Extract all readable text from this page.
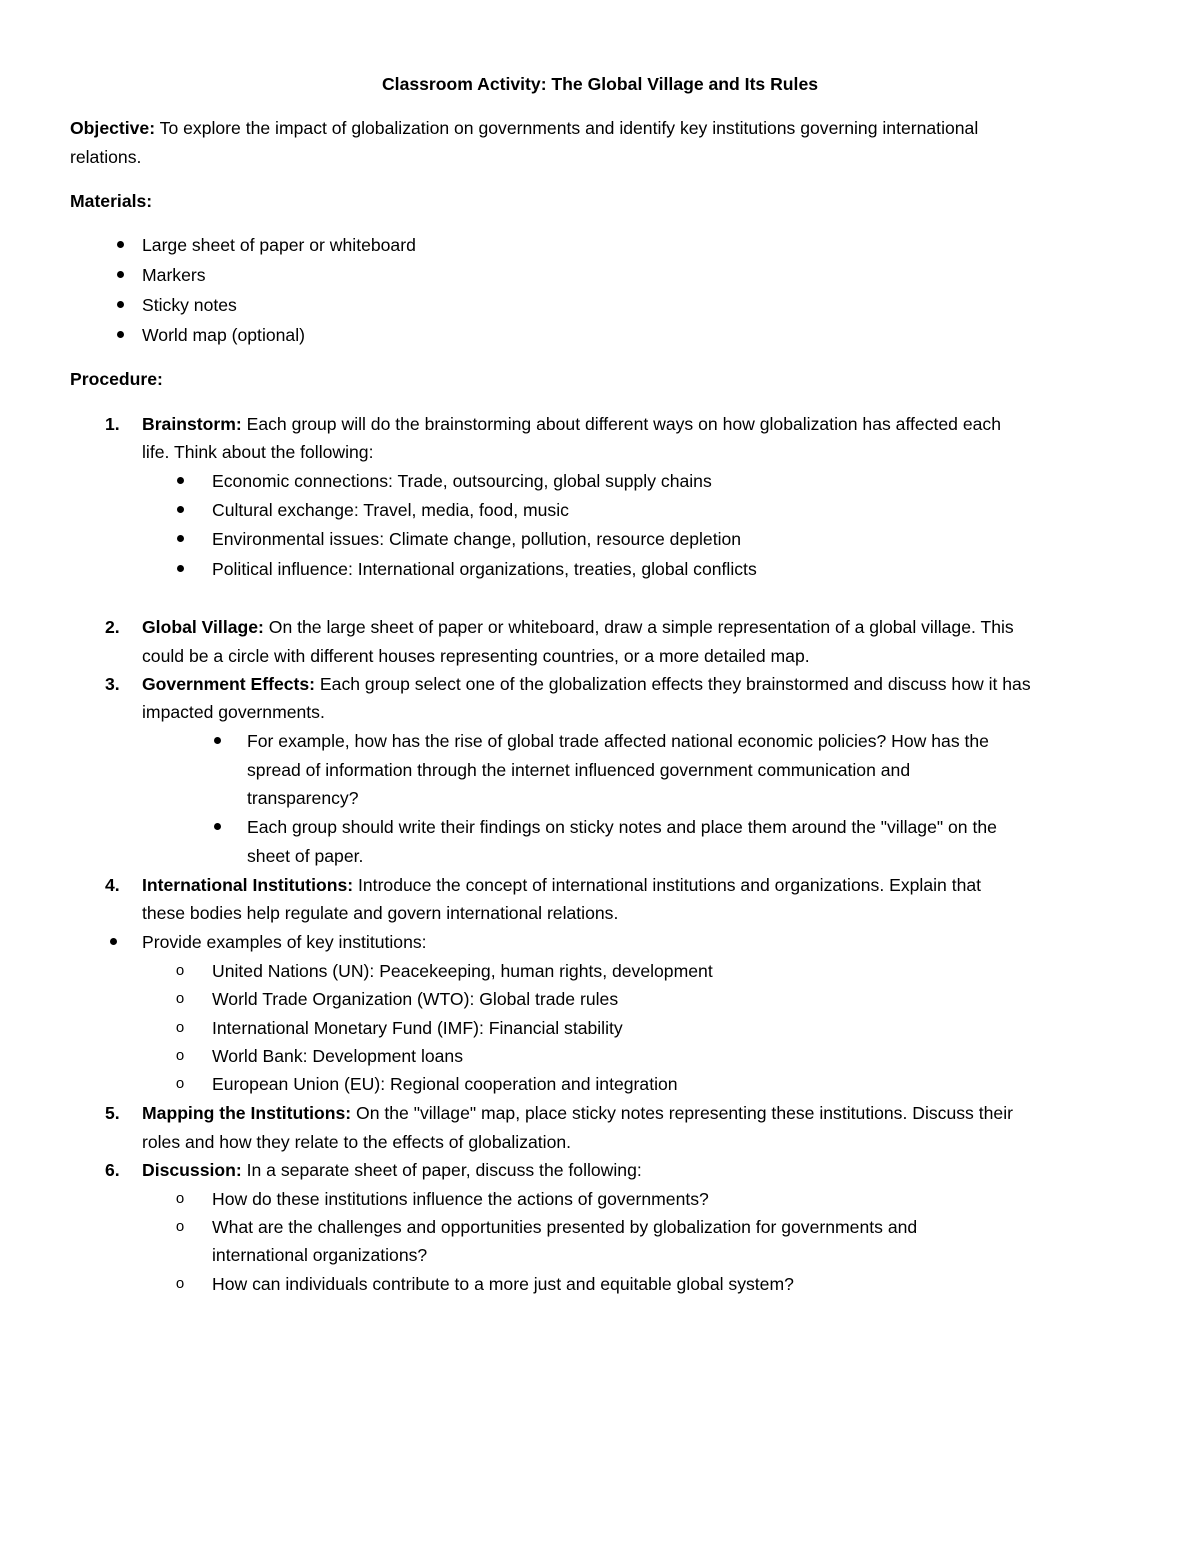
Classroom Activity: The Global Village and Its Rules
Objective: To explore the impact of globalization on governments and identify key institutions governing international
relations.
Materials:
Large sheet of paper or whiteboard
Markers
Sticky notes
World map (optional)
Procedure:
1.	Brainstorm: Each group will do the brainstorming about different ways on how globalization has affected each
life. Think about the following:
Economic connections: Trade, outsourcing, global supply chains
Cultural exchange: Travel, media, food, music
Environmental issues: Climate change, pollution, resource depletion
Political influence: International organizations, treaties, global conflicts
2.	Global Village: On the large sheet of paper or whiteboard, draw a simple representation of a global village. This
could be a circle with different houses representing countries, or a more detailed map.
3.	Government Effects: Each group select one of the globalization effects they brainstormed and discuss how it has
impacted governments.
For example, how has the rise of global trade affected national economic policies? How has the
spread of information through the internet influenced government communication and
transparency?
Each group should write their findings on sticky notes and place them around the "village" on the
sheet of paper.
4.	International Institutions: Introduce the concept of international institutions and organizations. Explain that
these bodies help regulate and govern international relations.
Provide examples of key institutions:
o United Nations (UN): Peacekeeping, human rights, development
o World Trade Organization (WTO): Global trade rules
o International Monetary Fund (IMF): Financial stability
o World Bank: Development loans
o European Union (EU): Regional cooperation and integration
5.	Mapping the Institutions: On the "village" map, place sticky notes representing these institutions. Discuss their
roles and how they relate to the effects of globalization.
6.	Discussion: In a separate sheet of paper, discuss the following:
o How do these institutions influence the actions of governments?
o What are the challenges and opportunities presented by globalization for governments and
international organizations?
o How can individuals contribute to a more just and equitable global system?
